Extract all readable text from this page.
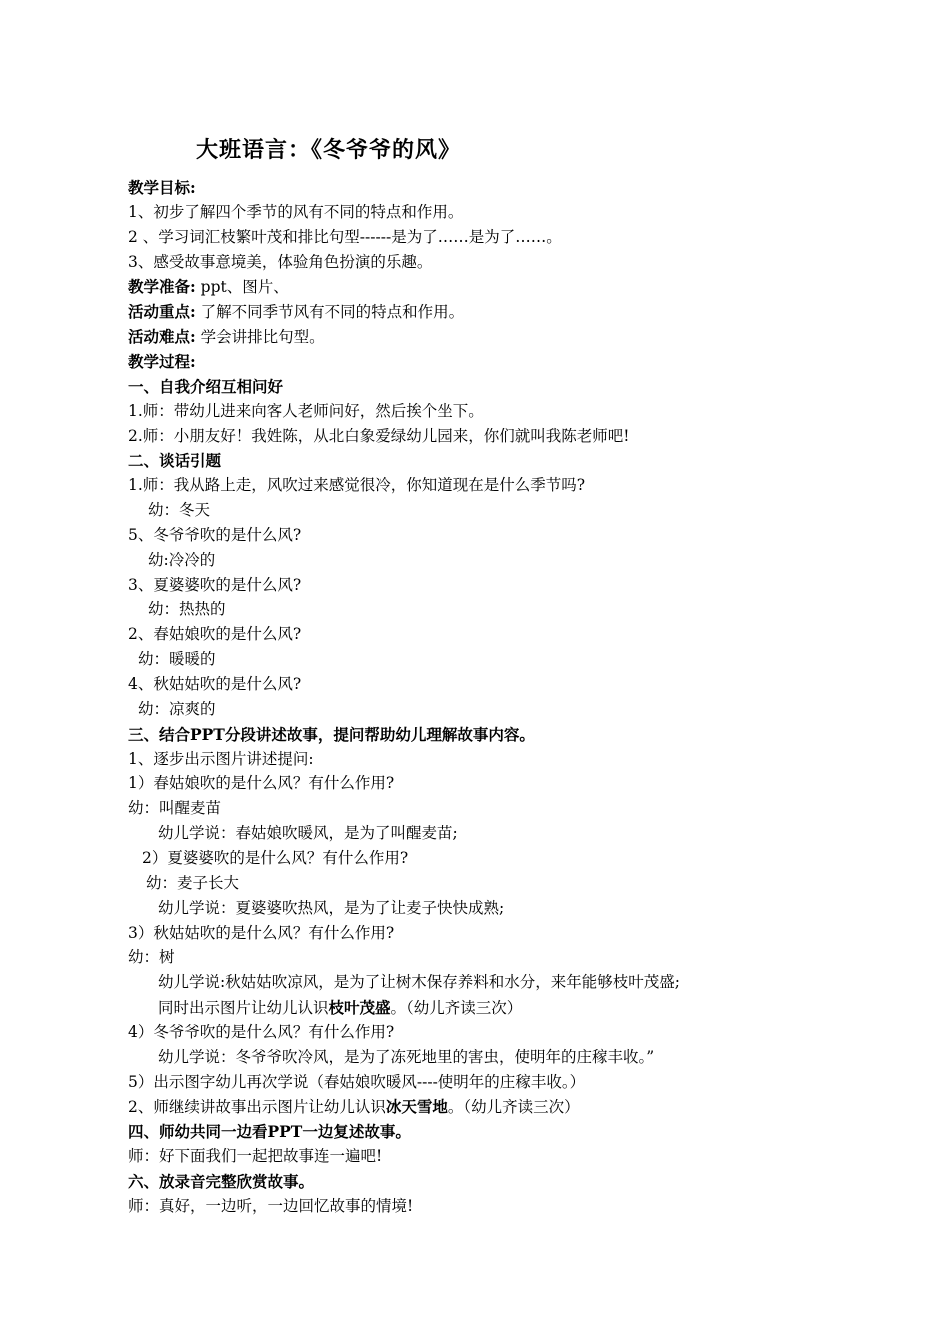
大班语言：《冬爷爷的风》
教学目标:
1、初步了解四个季节的风有不同的特点和作用。
2 、学习词汇枝繁叶茂和排比句型------是为了……是为了……。
3、感受故事意境美，体验角色扮演的乐趣。
教学准备: ppt、图片、
活动重点: 了解不同季节风有不同的特点和作用。
活动难点: 学会讲排比句型。
教学过程:
一、自我介绍互相问好
1.师：带幼儿进来向客人老师问好，然后挨个坐下。
2.师：小朋友好！我姓陈，从北白象爱绿幼儿园来，你们就叫我陈老师吧!
二、谈话引题
1.师：我从路上走，风吹过来感觉很冷，你知道现在是什么季节吗?
幼：冬天
5、冬爷爷吹的是什么风?
幼:冷冷的
3、夏婆婆吹的是什么风?
幼：热热的
2、春姑娘吹的是什么风?
幼：暖暖的
4、秋姑姑吹的是什么风?
幼：凉爽的
三、结合PPT分段讲述故事，提问帮助幼儿理解故事内容。
1、逐步出示图片讲述提问:
1）春姑娘吹的是什么风？有什么作用?
幼：叫醒麦苗
幼儿学说：春姑娘吹暖风，是为了叫醒麦苗;
2）夏婆婆吹的是什么风？有什么作用?
幼：麦子长大
幼儿学说：夏婆婆吹热风，是为了让麦子快快成熟;
3）秋姑姑吹的是什么风？有什么作用?
幼：树
幼儿学说:秋姑姑吹凉风，是为了让树木保存养料和水分，来年能够枝叶茂盛;
同时出示图片让幼儿认识枝叶茂盛。（幼儿齐读三次）
4）冬爷爷吹的是什么风？有什么作用?
幼儿学说：冬爷爷吹冷风，是为了冻死地里的害虫，使明年的庄稼丰收。”
5）出示图字幼儿再次学说（春姑娘吹暖风----使明年的庄稼丰收。）
2、师继续讲故事出示图片让幼儿认识冰天雪地。（幼儿齐读三次）
四、师幼共同一边看PPT一边复述故事。
师：好下面我们一起把故事连一遍吧!
六、放录音完整欣赏故事。
师：真好，一边听，一边回忆故事的情境!
